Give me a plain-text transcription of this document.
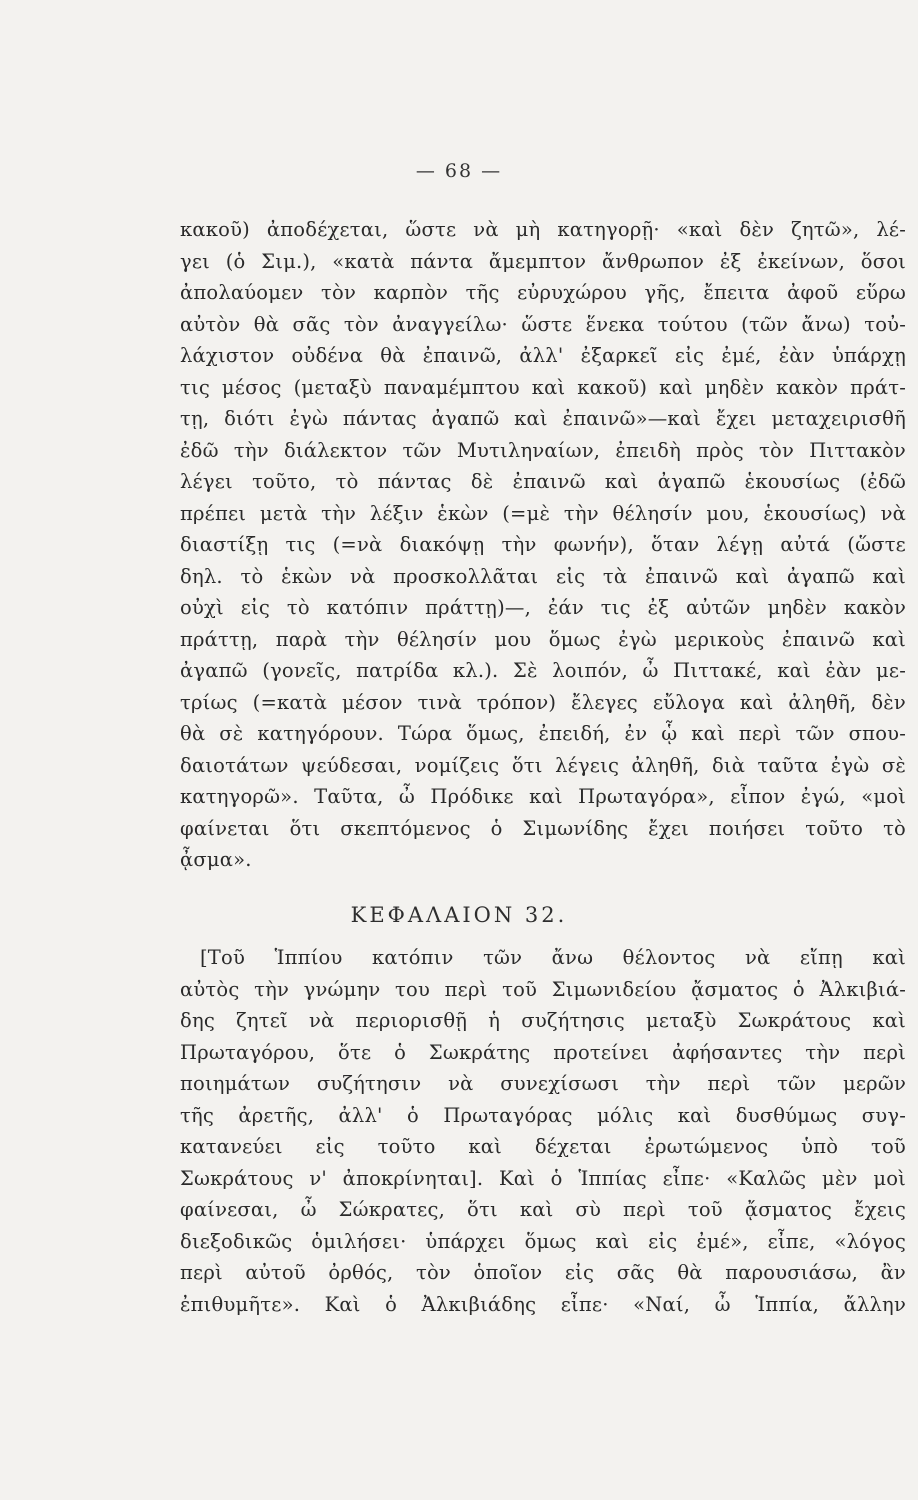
— 68 —
κακοῦ) ἀποδέχεται, ὥστε νὰ μὴ κατηγορῇ· «καὶ δὲν ζητῶ», λέ-
γει (ὁ Σιμ.), «κατὰ πάντα ἄμεμπτον ἄνθρωπον ἐξ ἐκείνων, ὅσοι
ἀπολαύομεν τὸν καρπὸν τῆς εὐρυχώρου γῆς, ἔπειτα ἀφοῦ εὕρω
αὐτὸν θὰ σᾶς τὸν ἀναγγείλω· ὥστε ἕνεκα τούτου (τῶν ἄνω) τοὐ-
λάχιστον οὐδένα θὰ ἐπαινῶ, ἀλλ' ἐξαρκεῖ εἰς ἐμέ, ἐὰν ὑπάρχῃ
τις μέσος (μεταξὺ παναμέμπτου καὶ κακοῦ) καὶ μηδὲν κακὸν πράτ-
τῃ, διότι ἐγὼ πάντας ἀγαπῶ καὶ ἐπαινῶ»—καὶ ἔχει μεταχειρισθῆ
ἐδῶ τὴν διάλεκτον τῶν Μυτιληναίων, ἐπειδὴ πρὸς τὸν Πιττακὸν
λέγει τοῦτο, τὸ πάντας δὲ ἐπαινῶ καὶ ἀγαπῶ ἑκουσίως (ἐδῶ
πρέπει μετὰ τὴν λέξιν ἑκὼν (=μὲ τὴν θέλησίν μου, ἑκουσίως) νὰ
διαστίξῃ τις (=νὰ διακόψῃ τὴν φωνήν), ὅταν λέγῃ αὐτά (ὥστε
δηλ. τὸ ἑκὼν νὰ προσκολλᾶται εἰς τὰ ἐπαινῶ καὶ ἀγαπῶ καὶ
οὐχὶ εἰς τὸ κατόπιν πράττῃ)—, ἐάν τις ἐξ αὐτῶν μηδὲν κακὸν
πράττῃ, παρὰ τὴν θέλησίν μου ὅμως ἐγὼ μερικοὺς ἐπαινῶ καὶ
ἀγαπῶ (γονεῖς, πατρίδα κλ.). Σὲ λοιπόν, ὦ Πιττακέ, καὶ ἐὰν με-
τρίως (=κατὰ μέσον τινὰ τρόπον) ἔλεγες εὔλογα καὶ ἀληθῆ, δὲν
θὰ σὲ κατηγόρουν. Τώρα ὅμως, ἐπειδή, ἐν ᾧ καὶ περὶ τῶν σπου-
δαιοτάτων ψεύδεσαι, νομίζεις ὅτι λέγεις ἀληθῆ, διὰ ταῦτα ἐγὼ σὲ
κατηγορῶ». Ταῦτα, ὦ Πρόδικε καὶ Πρωταγόρα», εἶπον ἐγώ, «μοὶ
φαίνεται ὅτι σκεπτόμενος ὁ Σιμωνίδης ἔχει ποιήσει τοῦτο τὸ
ᾆσμα».
ΚΕΦΑΛΑΙΟΝ 32.
[Τοῦ Ἱππίου κατόπιν τῶν ἄνω θέλοντος νὰ εἴπῃ καὶ
αὐτὸς τὴν γνώμην του περὶ τοῦ Σιμωνιδείου ᾄσματος ὁ Ἀλκιβιά-
δης ζητεῖ νὰ περιορισθῇ ἡ συζήτησις μεταξὺ Σωκράτους καὶ
Πρωταγόρου, ὅτε ὁ Σωκράτης προτείνει ἀφήσαντες τὴν περὶ
ποιημάτων συζήτησιν νὰ συνεχίσωσι τὴν περὶ τῶν μερῶν
τῆς ἀρετῆς, ἀλλ' ὁ Πρωταγόρας μόλις καὶ δυσθύμως συγ-
κατανεύει εἰς τοῦτο καὶ δέχεται ἐρωτώμενος ὑπὸ τοῦ
Σωκράτους ν' ἀποκρίνηται]. Καὶ ὁ Ἱππίας εἶπε· «Καλῶς μὲν μοὶ
φαίνεσαι, ὦ Σώκρατες, ὅτι καὶ σὺ περὶ τοῦ ᾄσματος ἔχεις
διεξοδικῶς ὁμιλήσει· ὑπάρχει ὅμως καὶ εἰς ἐμέ», εἶπε, «λόγος
περὶ αὐτοῦ ὀρθός, τὸν ὁποῖον εἰς σᾶς θὰ παρουσιάσω, ἂν
ἐπιθυμῆτε». Καὶ ὁ Ἀλκιβιάδης εἶπε· «Ναί, ὦ Ἱππία, ἄλλην
